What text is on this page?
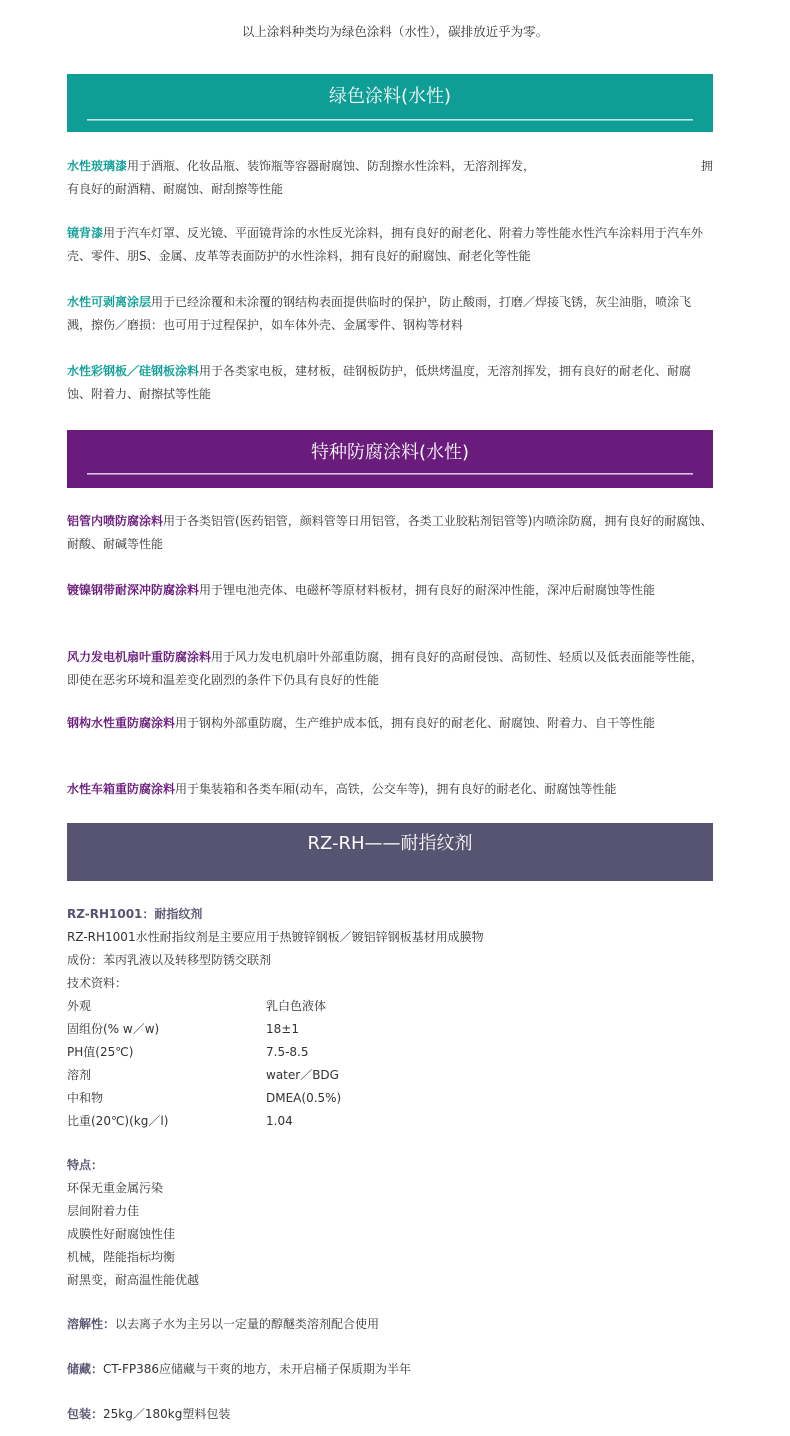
以上涂料种类均为绿色涂料（水性），碳排放近乎为零。
绿色涂料(水性)
水性玻璃漆用于酒瓶、化妆品瓶、装饰瓶等容器耐腐蚀、防刮擦水性涂料，无溶剂挥发，	拥

有良好的耐酒精、耐腐蚀、耐刮擦等性能
镜背漆用于汽车灯罩、反光镜、平面镜背涂的水性反光涂料，拥有良好的耐老化、附着力等性能水性汽车涂料用于汽车外壳、零件、朋S、金属、皮革等表面防护的水性涂料，拥有良好的耐腐蚀、耐老化等性能
水性可剥离涂层用于已经涂覆和未涂覆的钢结构表面提供临时的保护，防止酸雨，打磨／焊接飞锈，灰尘油脂，喷涂飞溅，擦伤／磨损：也可用于过程保护，如车体外壳、金属零件、钢构等材料
水性彩钢板／硅钢板涂料用于各类家电板，建材板，硅钢板防护，低烘烤温度，无溶剂挥发，拥有良好的耐老化、耐腐蚀、附着力、耐擦拭等性能
特种防腐涂料(水性)
铝管内喷防腐涂料用于各类铝管(医药铝管，颜料管等日用铝管，各类工业胶粘剂铝管等)内喷涂防腐，拥有良好的耐腐蚀、耐酸、耐碱等性能
镀镍钢带耐深冲防腐涂料用于锂电池壳体、电磁杯等原材料板材，拥有良好的耐深冲性能，深冲后耐腐蚀等性能
风力发电机扇叶重防腐涂料用于风力发电机扇叶外部重防腐，拥有良好的高耐侵蚀、高韧性、轻质以及低表面能等性能，即使在恶劣环境和温差变化剧烈的条件下仍具有良好的性能
钢构水性重防腐涂料用于钢构外部重防腐，生产维护成本低，拥有良好的耐老化、耐腐蚀、附着力、自干等性能
水性车箱重防腐涂料用于集装箱和各类车厢(动车，高铁，公交车等)，拥有良好的耐老化、耐腐蚀等性能
RZ-RH——耐指纹剂
RZ-RH1001：耐指纹剂
RZ-RH1001水性耐指纹剂是主要应用于热镀锌钢板／镀铝锌钢板基材用成膜物
成份：苯丙乳液以及转移型防锈交联剂
技术资料：
外观	乳白色液体
固组份(% w／w)	18±1
PH值(25℃)	7.5-8.5
溶剂	water／BDG
中和物	DMEA(0.5%)
比重(20℃)(kg／l)	1.04
特点：
环保无重金属污染
层间附着力佳
成膜性好耐腐蚀性佳
机械，陛能指标均衡
耐黑变，耐高温性能优越
溶解性：以去离子水为主另以一定量的醇醚类溶剂配合使用
储藏：CT-FP386应储藏与干爽的地方，未开启桶子保质期为半年
包装：25kg／180kg塑料包装
